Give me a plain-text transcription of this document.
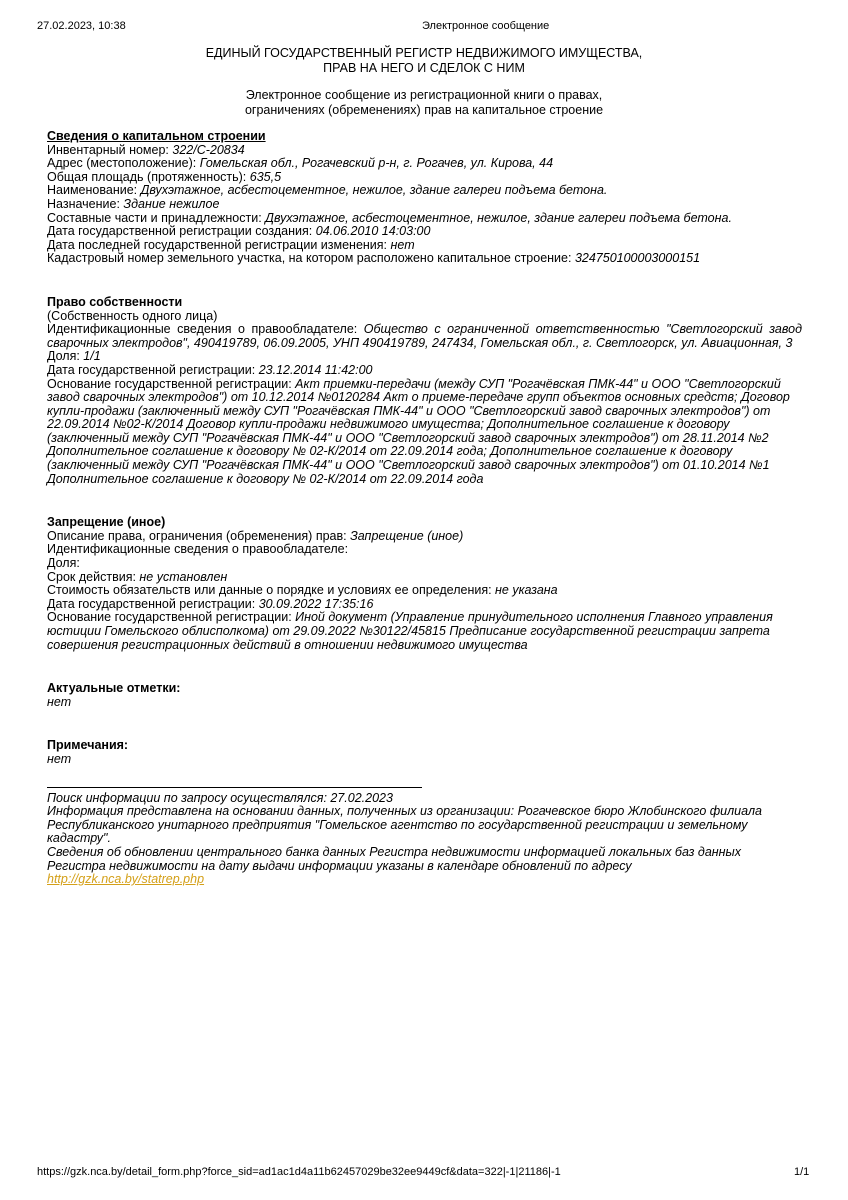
27.02.2023, 10:38	Электронное сообщение
ЕДИНЫЙ ГОСУДАРСТВЕННЫЙ РЕГИСТР НЕДВИЖИМОГО ИМУЩЕСТВА,
ПРАВ НА НЕГО И СДЕЛОК С НИМ
Электронное сообщение из регистрационной книги о правах,
ограничениях (обременениях) прав на капитальное строение
Сведения о капитальном строении
Инвентарный номер: 322/C-20834
Адрес (местоположение): Гомельская обл., Рогачевский р-н, г. Рогачев, ул. Кирова, 44
Общая площадь (протяженность): 635,5
Наименование: Двухэтажное, асбестоцементное, нежилое, здание галереи подъема бетона.
Назначение: Здание нежилое
Составные части и принадлежности: Двухэтажное, асбестоцементное, нежилое, здание галереи подъема бетона.
Дата государственной регистрации создания: 04.06.2010 14:03:00
Дата последней государственной регистрации изменения: нет
Кадастровый номер земельного участка, на котором расположено капитальное строение: 324750100003000151
Право собственности
(Собственность одного лица)
Идентификационные сведения о правообладателе: Общество с ограниченной ответственностью "Светлогорский завод сварочных электродов", 490419789, 06.09.2005, УНП 490419789, 247434, Гомельская обл., г. Светлогорск, ул. Авиационная, 3
Доля: 1/1
Дата государственной регистрации: 23.12.2014 11:42:00
Основание государственной регистрации: Акт приемки-передачи (между СУП "Рогачёвская ПМК-44" и ООО "Светлогорский завод сварочных электродов") от 10.12.2014 №0120284 Акт о приеме-передаче групп объектов основных средств; Договор купли-продажи (заключенный между СУП "Рогачёвская ПМК-44" и ООО "Светлогорский завод сварочных электродов") от 22.09.2014 №02-К/2014 Договор купли-продажи недвижимого имущества; Дополнительное соглашение к договору (заключенный между СУП "Рогачёвская ПМК-44" и ООО "Светлогорский завод сварочных электродов") от 28.11.2014 №2 Дополнительное соглашение к договору № 02-К/2014 от 22.09.2014 года; Дополнительное соглашение к договору (заключенный между СУП "Рогачёвская ПМК-44" и ООО "Светлогорский завод сварочных электродов") от 01.10.2014 №1 Дополнительное соглашение к договору № 02-К/2014 от 22.09.2014 года
Запрещение (иное)
Описание права, ограничения (обременения) прав: Запрещение (иное)
Идентификационные сведения о правообладателе:
Доля:
Срок действия: не установлен
Стоимость обязательств или данные о порядке и условиях ее определения: не указана
Дата государственной регистрации: 30.09.2022 17:35:16
Основание государственной регистрации: Иной документ (Управление принудительного исполнения Главного управления юстиции Гомельского облисполкома) от 29.09.2022 №30122/45815 Предписание государственной регистрации запрета совершения регистрационных действий в отношении недвижимого имущества
Актуальные отметки:
нет
Примечания:
нет
Поиск информации по запросу осуществлялся: 27.02.2023
Информация представлена на основании данных, полученных из организации: Рогачевское бюро Жлобинского филиала Республиканского унитарного предприятия "Гомельское агентство по государственной регистрации и земельному кадастру".
Сведения об обновлении центрального банка данных Регистра недвижимости информацией локальных баз данных Регистра недвижимости на дату выдачи информации указаны в календаре обновлений по адресу
http://gzk.nca.by/statrep.php
https://gzk.nca.by/detail_form.php?force_sid=ad1ac1d4a11b62457029be32ee9449cf&data=322|-1|21186|-1	1/1
